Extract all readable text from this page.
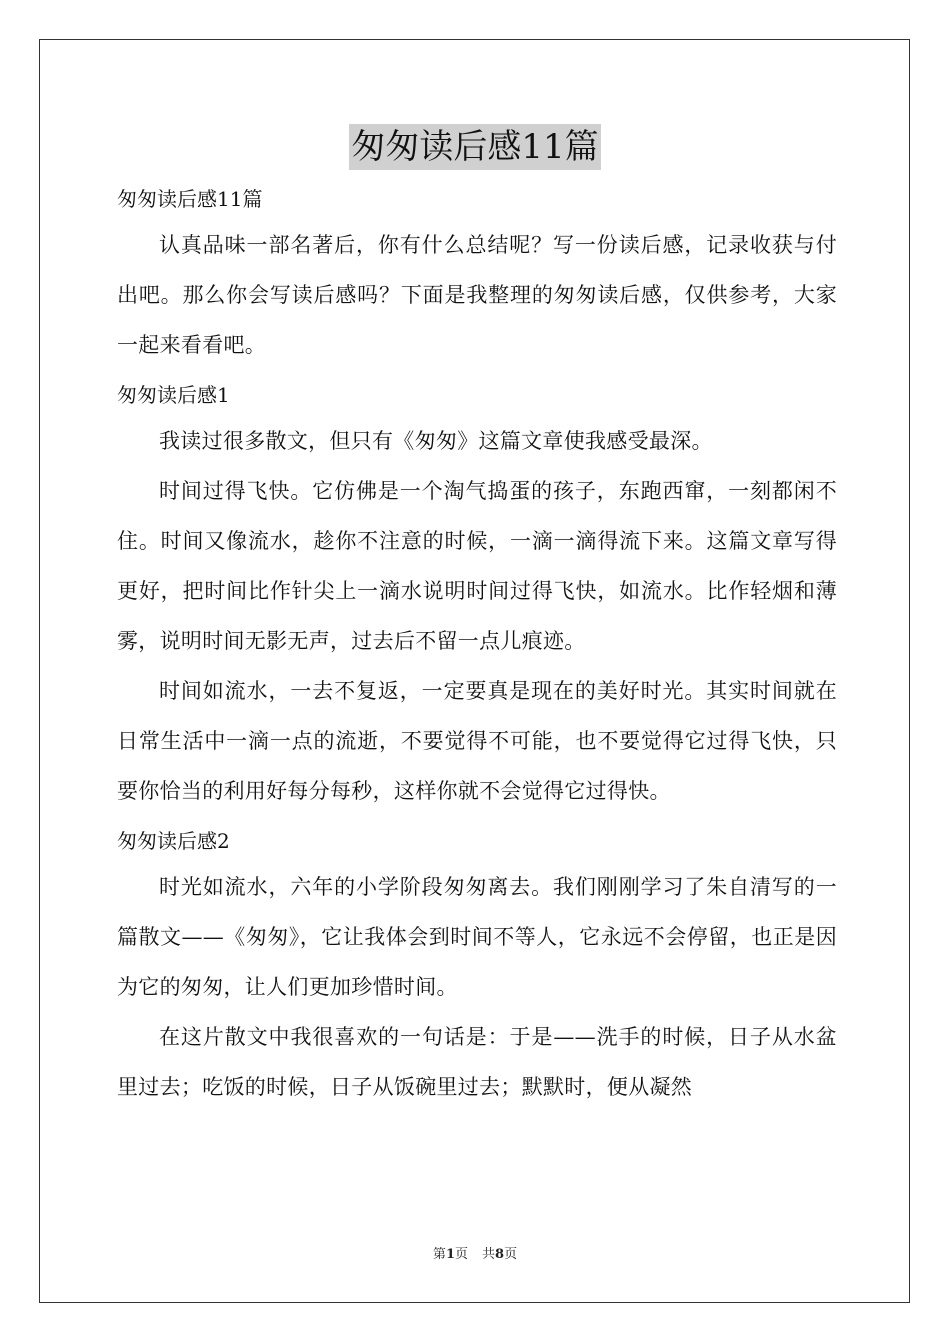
匆匆读后感11篇

匆匆读后感11篇

认真品味一部名著后，你有什么总结呢？写一份读后感，记录收获与付出吧。那么你会写读后感吗？下面是我整理的匆匆读后感，仅供参考，大家一起来看看吧。

匆匆读后感1

我读过很多散文，但只有《匆匆》这篇文章使我感受最深。

时间过得飞快。它仿佛是一个淘气捣蛋的孩子，东跑西窜，一刻都闲不住。时间又像流水，趁你不注意的时候，一滴一滴得流下来。这篇文章写得更好，把时间比作针尖上一滴水说明时间过得飞快，如流水。比作轻烟和薄雾，说明时间无影无声，过去后不留一点儿痕迹。

时间如流水，一去不复返，一定要真是现在的美好时光。其实时间就在日常生活中一滴一点的流逝，不要觉得不可能，也不要觉得它过得飞快，只要你恰当的利用好每分每秒，这样你就不会觉得它过得快。

匆匆读后感2

时光如流水，六年的小学阶段匆匆离去。我们刚刚学习了朱自清写的一篇散文——《匆匆》，它让我体会到时间不等人，它永远不会停留，也正是因为它的匆匆，让人们更加珍惜时间。

在这片散文中我很喜欢的一句话是：于是——洗手的时候，日子从水盆里过去；吃饭的时候，日子从饭碗里过去；默默时，便从凝然

第1页 共8页
